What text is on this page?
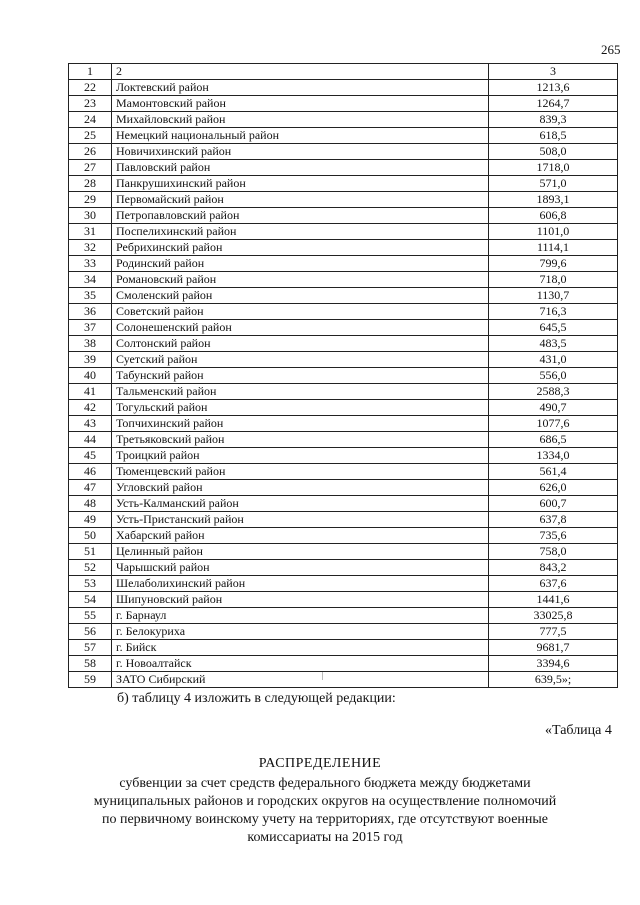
265
1	2	3
22	Локтевский район	1213,6
23	Мамонтовский район	1264,7
24	Михайловский район	839,3
25	Немецкий национальный район	618,5
26	Новичихинский район	508,0
27	Павловский район	1718,0
28	Панкрушихинский район	571,0
29	Первомайский район	1893,1
30	Петропавловский район	606,8
31	Поспелихинский район	1101,0
32	Ребрихинский район	1114,1
33	Родинский район	799,6
34	Романовский район	718,0
35	Смоленский район	1130,7
36	Советский район	716,3
37	Солонешенский район	645,5
38	Солтонский район	483,5
39	Суетский район	431,0
40	Табунский район	556,0
41	Тальменский район	2588,3
42	Тогульский район	490,7
43	Топчихинский район	1077,6
44	Третьяковский район	686,5
45	Троицкий район	1334,0
46	Тюменцевский район	561,4
47	Угловский район	626,0
48	Усть-Калманский район	600,7
49	Усть-Пристанский район	637,8
50	Хабарский район	735,6
51	Целинный район	758,0
52	Чарышский район	843,2
53	Шелаболихинский район	637,6
54	Шипуновский район	1441,6
55	г. Барнаул	33025,8
56	г. Белокуриха	777,5
57	г. Бийск	9681,7
58	г. Новоалтайск	3394,6
59	ЗАТО Сибирский	639,5»;
б) таблицу 4 изложить в следующей редакции:
«Таблица 4
РАСПРЕДЕЛЕНИЕ
субвенции за счет средств федерального бюджета между бюджетами
муниципальных районов и городских округов на осуществление полномочий
по первичному воинскому учету на территориях, где отсутствуют военные
комиссариаты на 2015 год
